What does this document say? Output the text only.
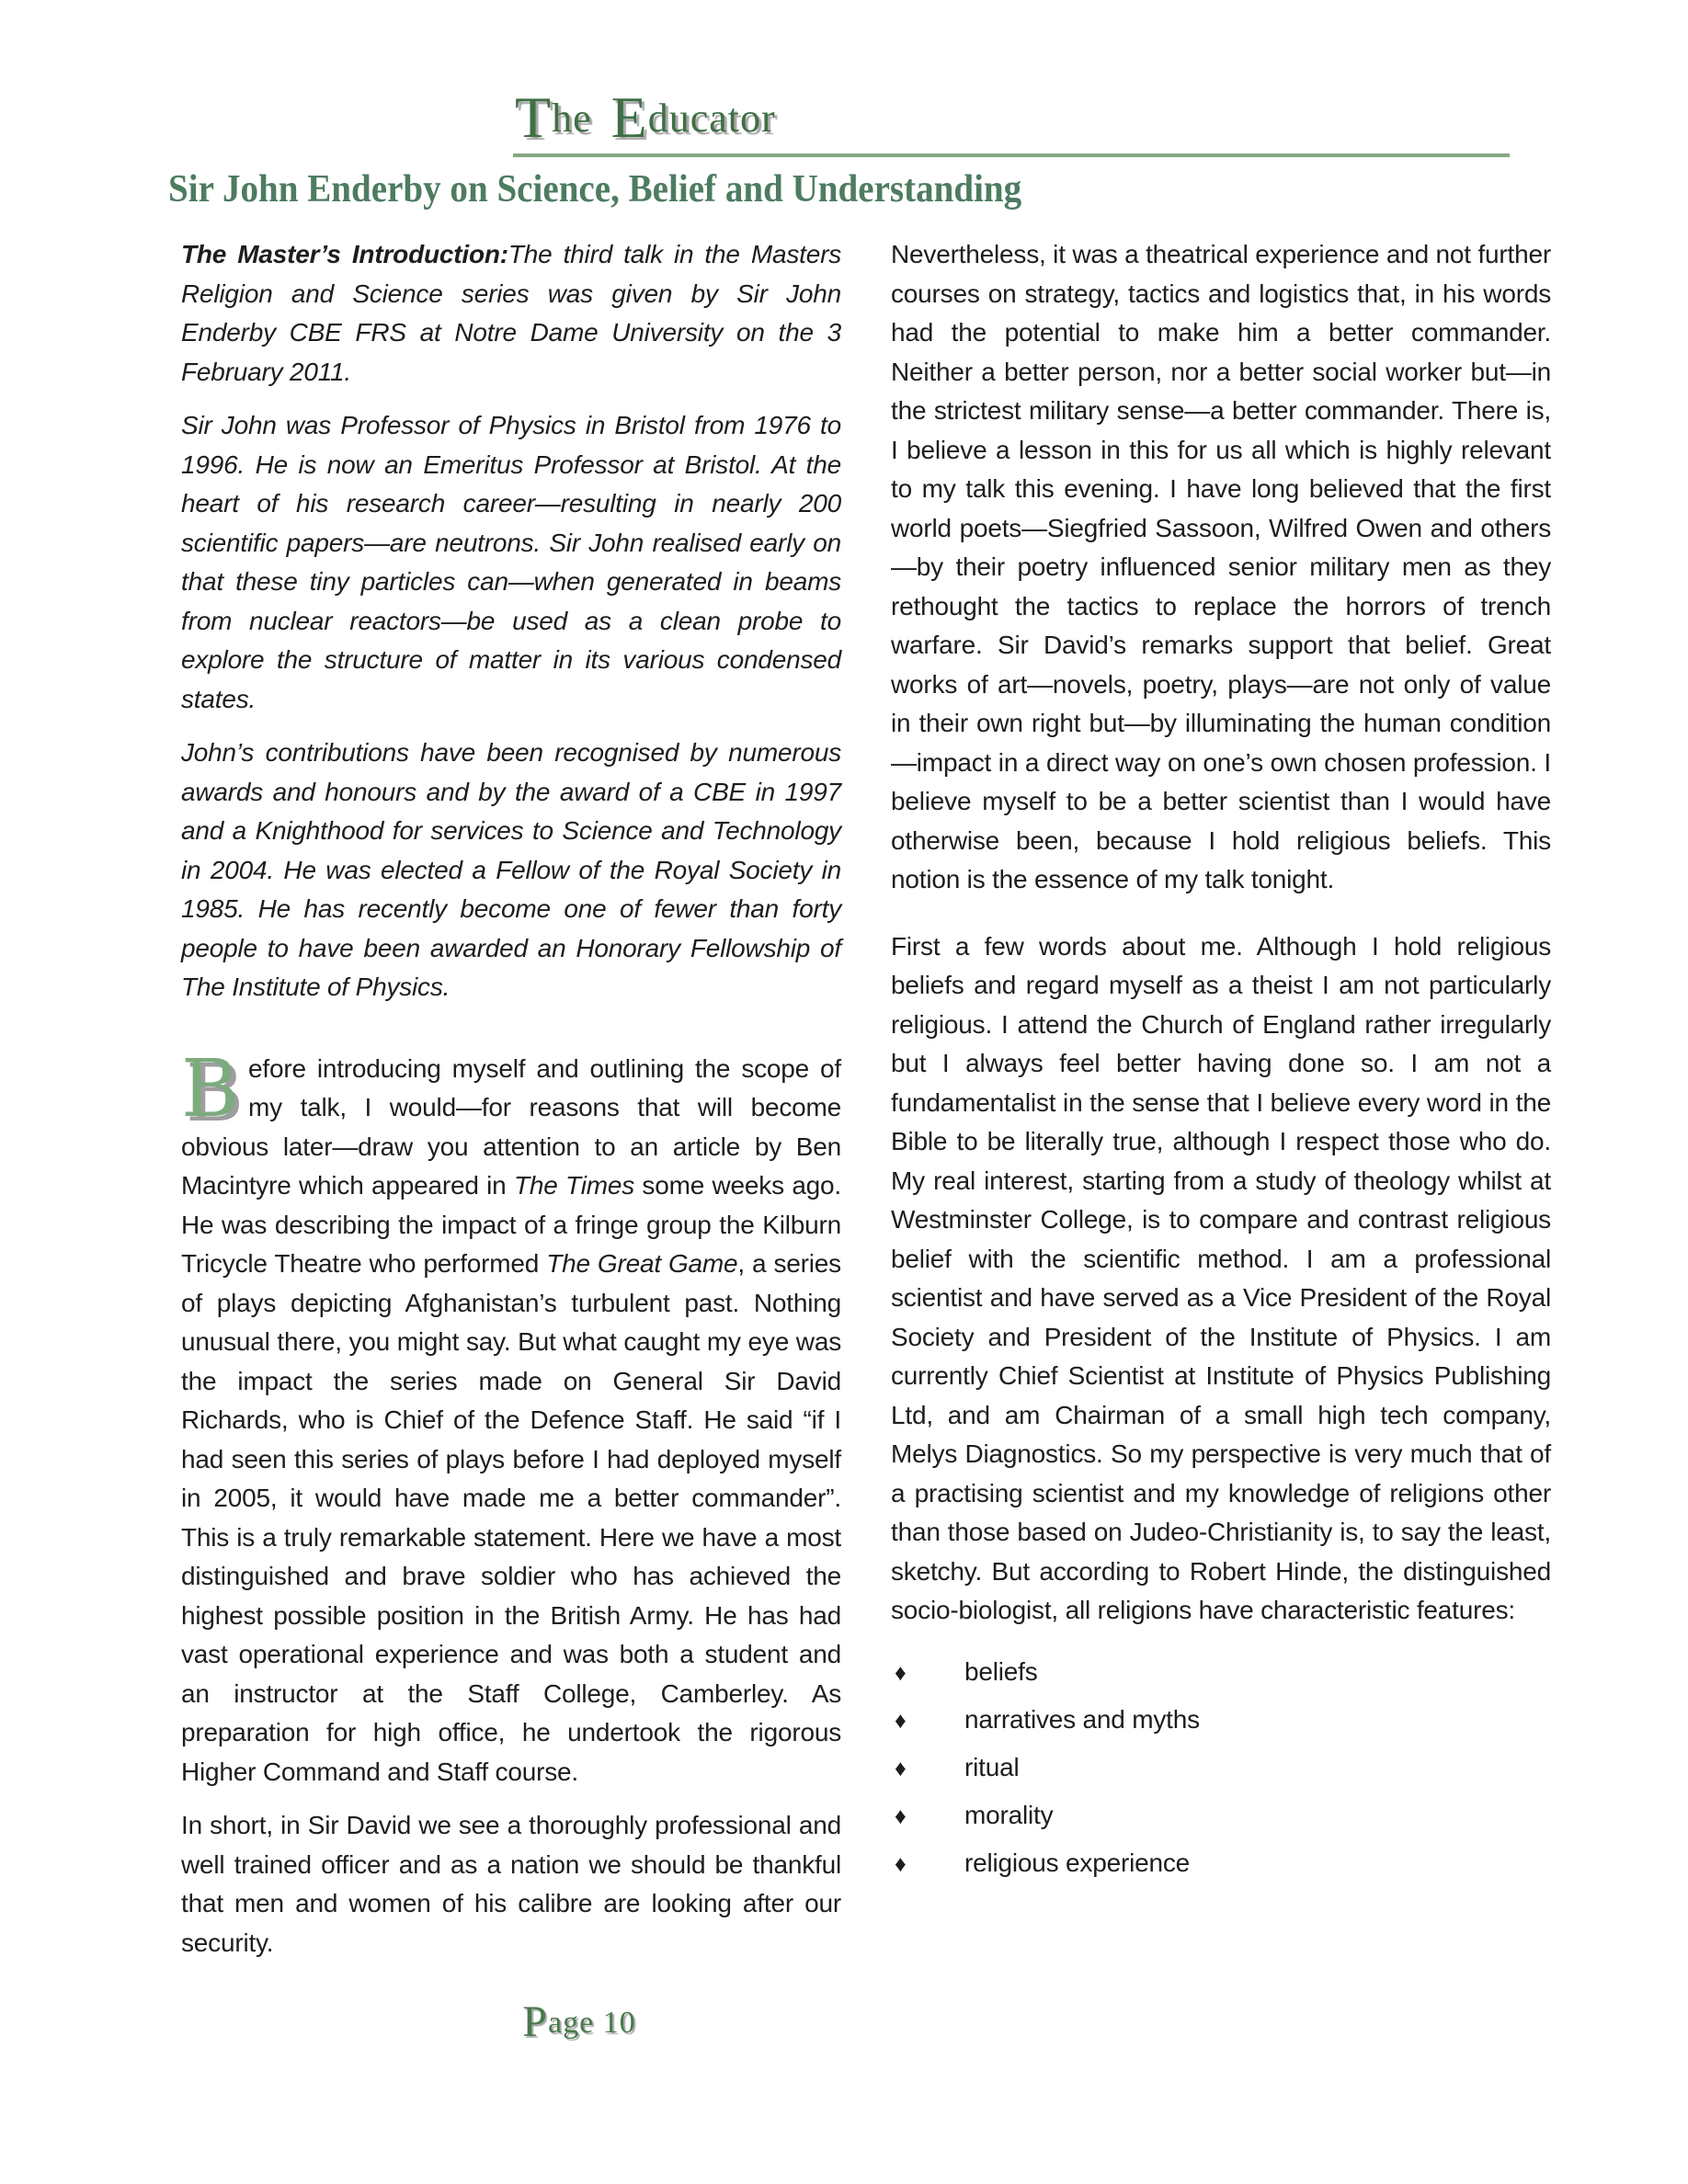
The Educator
Sir John Enderby on Science, Belief and Understanding

The Master’s Introduction:The third talk in the Masters Religion and Science series was given by Sir John Enderby CBE FRS at Notre Dame University on the 3 February 2011.

Sir John was Professor of Physics in Bristol from 1976 to 1996. He is now an Emeritus Professor at Bristol. At the heart of his research career—resulting in nearly 200 scientific papers—are neutrons. Sir John realised early on that these tiny particles can—when generated in beams from nuclear reactors—be used as a clean probe to explore the structure of matter in its various condensed states.

John’s contributions have been recognised by numerous awards and honours and by the award of a CBE in 1997 and a Knighthood for services to Science and Technology in 2004. He was elected a Fellow of the Royal Society in 1985. He has recently become one of fewer than forty people to have been awarded an Honorary Fellowship of The Institute of Physics.

Before introducing myself and outlining the scope of my talk, I would—for reasons that will become obvious later—draw you attention to an article by Ben Macintyre which appeared in The Times some weeks ago. He was describing the impact of a fringe group the Kilburn Tricycle Theatre who performed The Great Game, a series of plays depicting Afghanistan’s turbulent past. Nothing unusual there, you might say. But what caught my eye was the impact the series made on General Sir David Richards, who is Chief of the Defence Staff. He said “if I had seen this series of plays before I had deployed myself in 2005, it would have made me a better commander”. This is a truly remarkable statement. Here we have a most distinguished and brave soldier who has achieved the highest possible position in the British Army. He has had vast operational experience and was both a student and an instructor at the Staff College, Camberley. As preparation for high office, he undertook the rigorous Higher Command and Staff course.

In short, in Sir David we see a thoroughly professional and well trained officer and as a nation we should be thankful that men and women of his calibre are looking after our security.

Nevertheless, it was a theatrical experience and not further courses on strategy, tactics and logistics that, in his words had the potential to make him a better commander. Neither a better person, nor a better social worker but—in the strictest military sense—a better commander. There is, I believe a lesson in this for us all which is highly relevant to my talk this evening. I have long believed that the first world poets—Siegfried Sassoon, Wilfred Owen and others—by their poetry influenced senior military men as they rethought the tactics to replace the horrors of trench warfare. Sir David’s remarks support that belief. Great works of art—novels, poetry, plays—are not only of value in their own right but—by illuminating the human condition—impact in a direct way on one’s own chosen profession. I believe myself to be a better scientist than I would have otherwise been, because I hold religious beliefs. This notion is the essence of my talk tonight.

First a few words about me. Although I hold religious beliefs and regard myself as a theist I am not particularly religious. I attend the Church of England rather irregularly but I always feel better having done so. I am not a fundamentalist in the sense that I believe every word in the Bible to be literally true, although I respect those who do. My real interest, starting from a study of theology whilst at Westminster College, is to compare and contrast religious belief with the scientific method. I am a professional scientist and have served as a Vice President of the Royal Society and President of the Institute of Physics. I am currently Chief Scientist at Institute of Physics Publishing Ltd, and am Chairman of a small high tech company, Melys Diagnostics. So my perspective is very much that of a practising scientist and my knowledge of religions other than those based on Judeo-Christianity is, to say the least, sketchy. But according to Robert Hinde, the distinguished socio-biologist, all religions have characteristic features:

♦	beliefs
♦	narratives and myths
♦	ritual
♦	morality
♦	religious experience
Page 10
